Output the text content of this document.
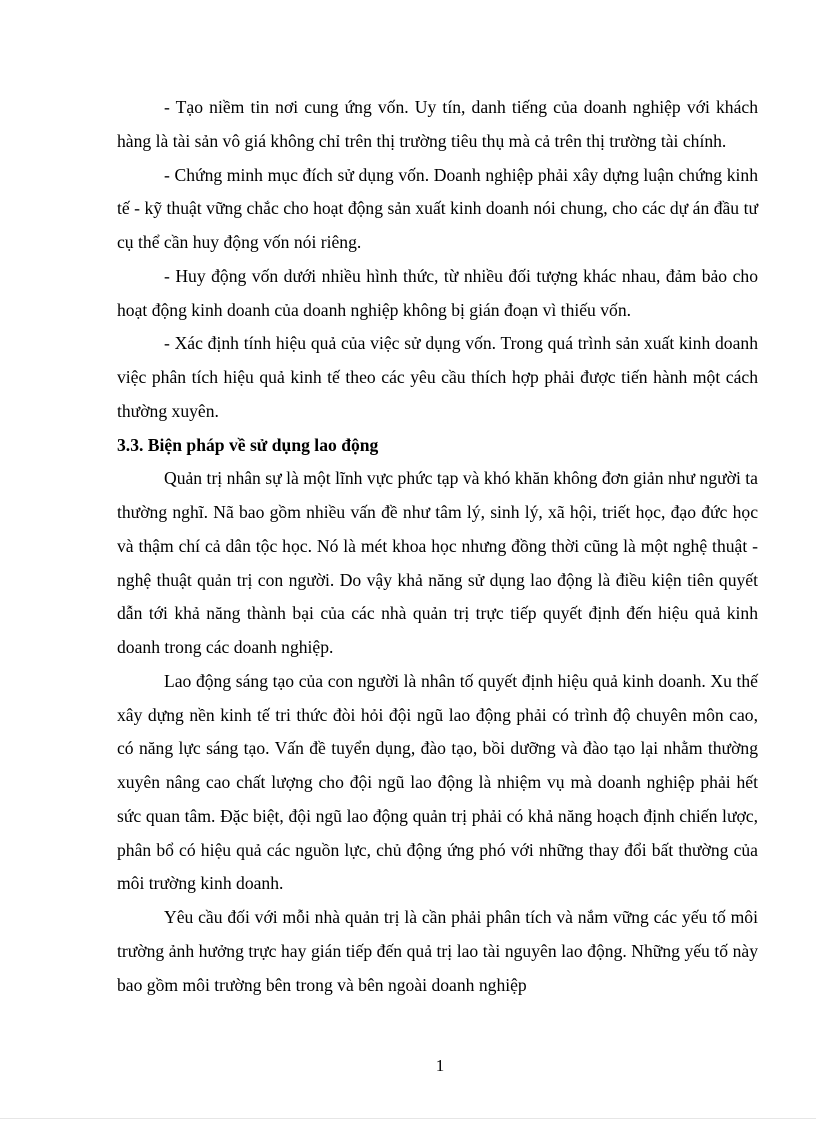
- Tạo niềm tin nơi cung ứng vốn. Uy tín, danh tiếng của doanh nghiệp với khách hàng là tài sản vô giá không chỉ trên thị trường tiêu thụ mà cả trên thị trường tài chính.

- Chứng minh mục đích sử dụng vốn. Doanh nghiệp phải xây dựng luận chứng kinh tế - kỹ thuật vững chắc cho hoạt động sản xuất kinh doanh nói chung, cho các dự án đầu tư cụ thể cần huy động vốn nói riêng.

- Huy động vốn dưới nhiều hình thức, từ nhiều đối tượng khác nhau, đảm bảo cho hoạt động kinh doanh của doanh nghiệp không bị gián đoạn vì thiếu vốn.

- Xác định tính hiệu quả của việc sử dụng vốn. Trong quá trình sản xuất kinh doanh việc phân tích hiệu quả kinh tế theo các yêu cầu thích hợp phải được tiến hành một cách thường xuyên.

3.3. Biện pháp về sử dụng lao động

Quản trị nhân sự là một lĩnh vực phức tạp và khó khăn không đơn giản như người ta thường nghĩ. Nã bao gồm nhiều vấn đề như tâm lý, sinh lý, xã hội, triết học, đạo đức học và thậm chí cả dân tộc học. Nó là mét khoa học nhưng đồng thời cũng là một nghệ thuật - nghệ thuật quản trị con người. Do vậy khả năng sử dụng lao động là điều kiện tiên quyết dẫn tới khả năng thành bại của các nhà quản trị trực tiếp quyết định đến hiệu quả kinh doanh trong các doanh nghiệp.

Lao động sáng tạo của con người là nhân tố quyết định hiệu quả kinh doanh. Xu thế xây dựng nền kinh tế tri thức đòi hỏi đội ngũ lao động phải có trình độ chuyên môn cao, có năng lực sáng tạo. Vấn đề tuyển dụng, đào tạo, bồi dưỡng và đào tạo lại nhằm thường xuyên nâng cao chất lượng cho đội ngũ lao động là nhiệm vụ mà doanh nghiệp phải hết sức quan tâm. Đặc biệt, đội ngũ lao động quản trị phải có khả năng hoạch định chiến lược, phân bổ có hiệu quả các nguồn lực, chủ động ứng phó với những thay đổi bất thường của môi trường kinh doanh.

Yêu cầu đối với mỗi nhà quản trị là cần phải phân tích và nắm vững các yếu tố môi trường ảnh hưởng trực hay gián tiếp đến quả trị lao tài nguyên lao động. Những yếu tố này bao gồm môi trường bên trong và bên ngoài doanh nghiệp

1
